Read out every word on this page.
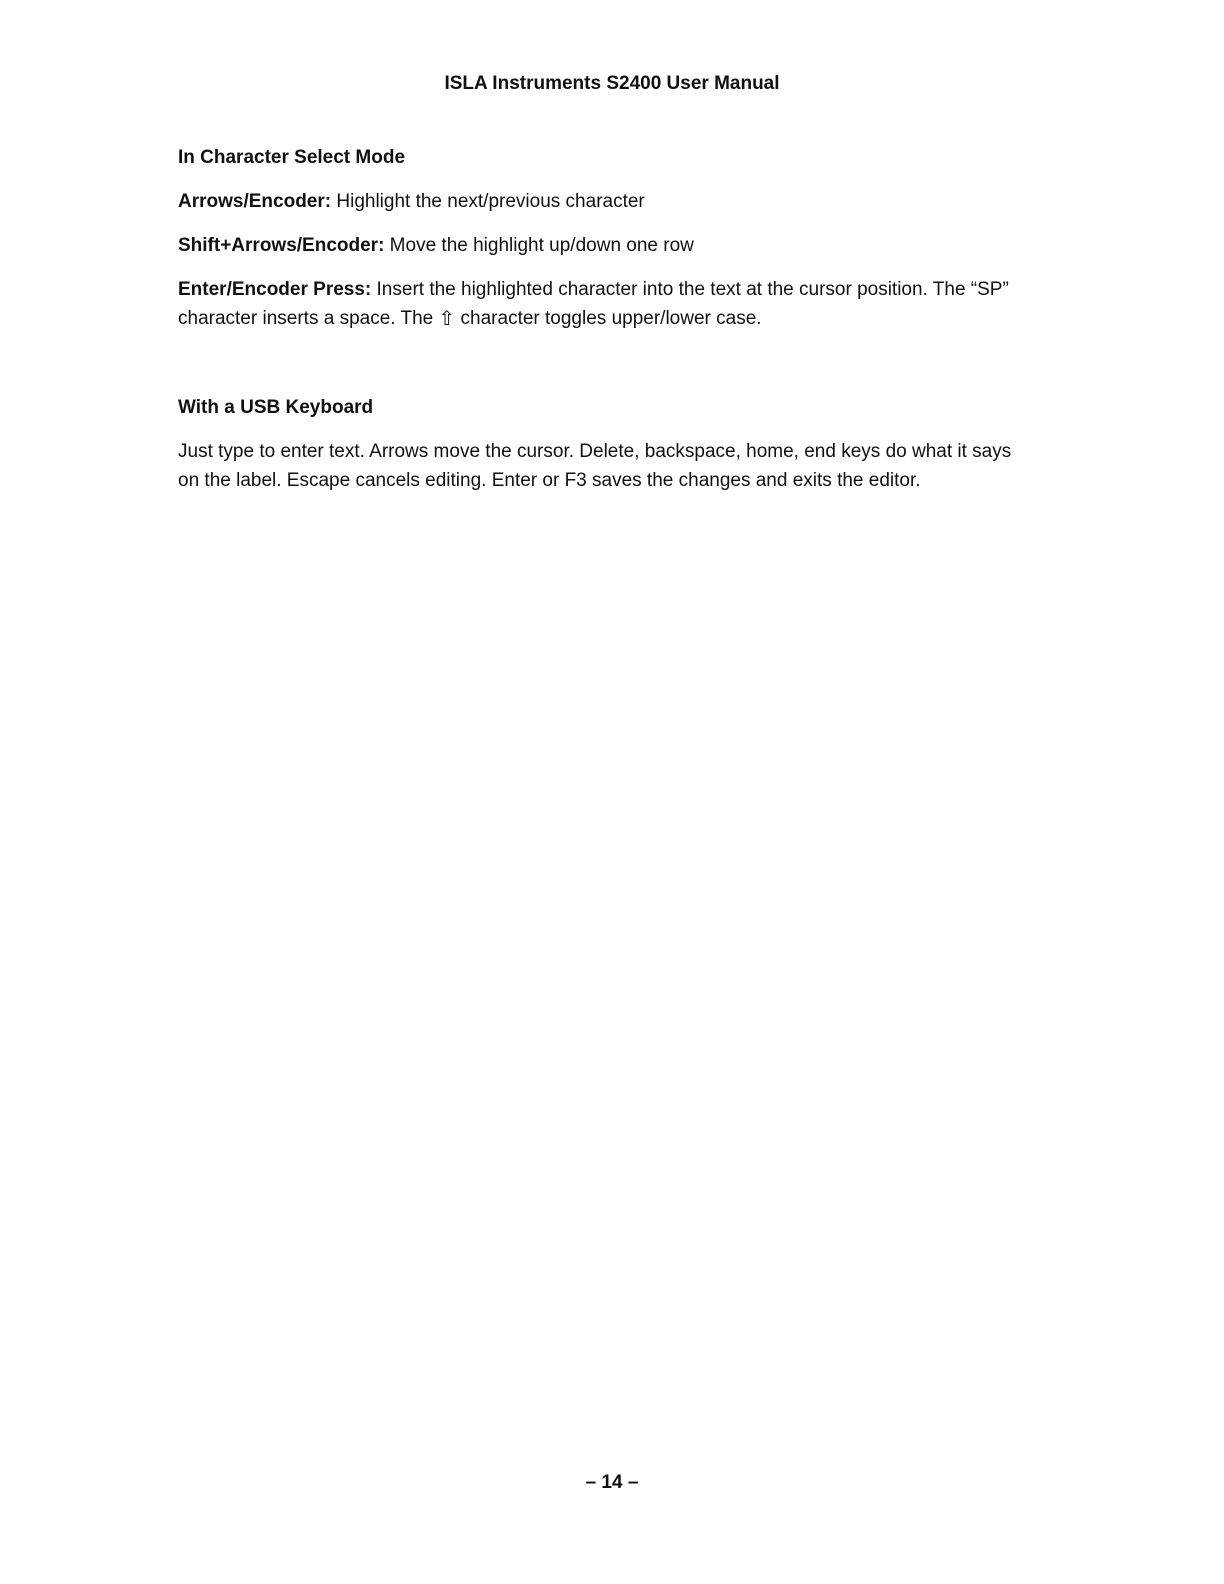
ISLA Instruments S2400 User Manual

In Character Select Mode

Arrows/Encoder: Highlight the next/previous character

Shift+Arrows/Encoder: Move the highlight up/down one row

Enter/Encoder Press: Insert the highlighted character into the text at the cursor position. The “SP” character inserts a space. The ⇧ character toggles upper/lower case.

With a USB Keyboard

Just type to enter text. Arrows move the cursor. Delete, backspace, home, end keys do what it says on the label. Escape cancels editing. Enter or F3 saves the changes and exits the editor.

– 14 –
